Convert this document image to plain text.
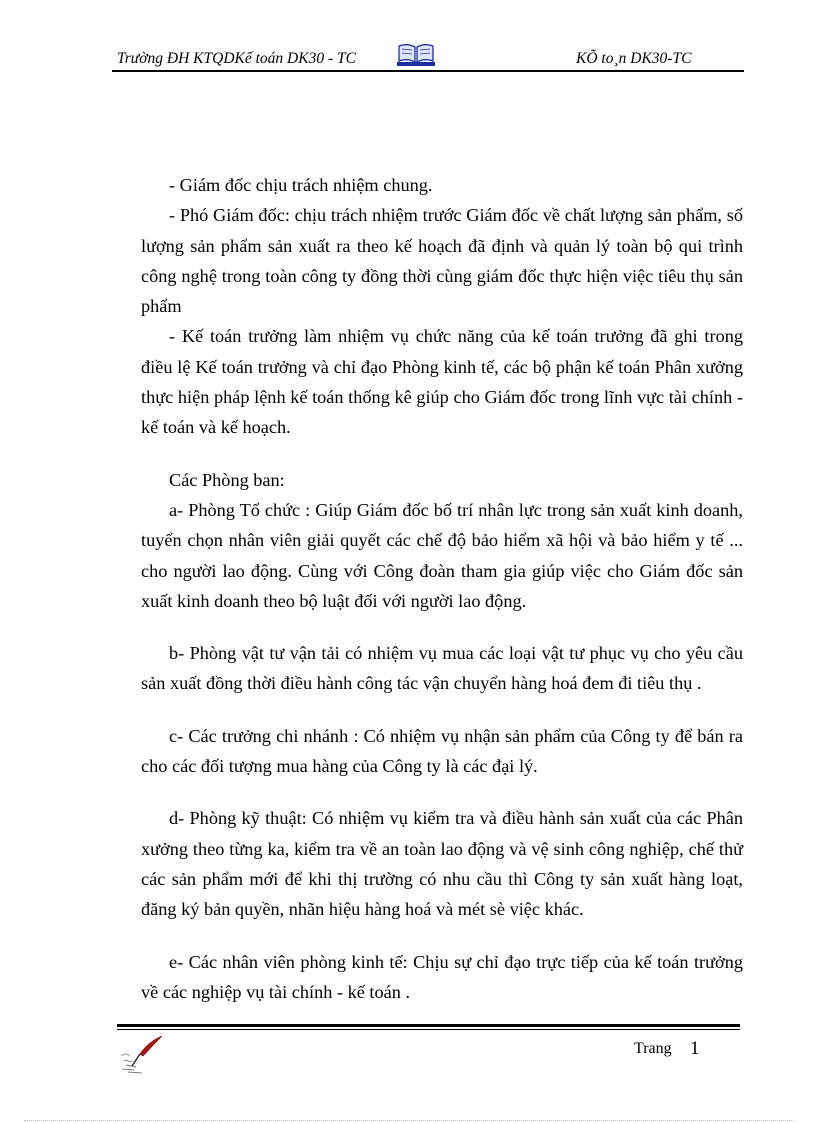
Trường ĐH KTQDKế toán DK30 - TC	KÕ to¸n DK30-TC

- Giám đốc chịu trách nhiệm chung.

- Phó Giám đốc: chịu trách nhiệm trước Giám đốc về chất lượng sản phẩm, số lượng sản phẩm sản xuất ra theo kế hoạch đã định và quản lý toàn bộ qui trình công nghệ trong toàn công ty đồng thời cùng giám đốc thực hiện việc tiêu thụ sản phẩm

- Kế toán trưởng làm nhiệm vụ chức năng của kế toán trưởng đã ghi trong điều lệ Kế toán trưởng và chỉ đạo Phòng kinh tế, các bộ phận kế toán Phân xưởng thực hiện pháp lệnh kế toán thống kê giúp cho Giám đốc trong lĩnh vực tài chính - kế toán và kế hoạch.

Các Phòng ban:

a- Phòng Tổ chức : Giúp Giám đốc bố trí nhân lực trong sản xuất kinh doanh, tuyển chọn nhân viên giải quyết các chế độ bảo hiểm xã hội và bảo hiểm y tế ... cho người lao động. Cùng với Công đoàn tham gia giúp việc cho Giám đốc sản xuất kinh doanh theo bộ luật đối với người lao động.

b- Phòng vật tư vận tải có nhiệm vụ mua các loại vật tư phục vụ cho yêu cầu sản xuất đồng thời điều hành công tác vận chuyển hàng hoá đem đi tiêu thụ .

c- Các trưởng chi nhánh : Có nhiệm vụ nhận sản phẩm của Công ty để bán ra cho các đối tượng mua hàng của Công ty là các đại lý.

d- Phòng kỹ thuật: Có nhiệm vụ kiểm tra và điều hành sản xuất của các Phân xưởng theo từng ka, kiểm tra về an toàn lao động và vệ sinh công nghiệp, chế thử các sản phẩm mới để khi thị trường có nhu cầu thì Công ty sản xuất hàng loạt, đăng ký bản quyền, nhãn hiệu hàng hoá và mét sè việc khác.

e- Các nhân viên phòng kinh tế: Chịu sự chỉ đạo trực tiếp của kế toán trưởng về các nghiệp vụ tài chính - kế toán .

Trang 1
